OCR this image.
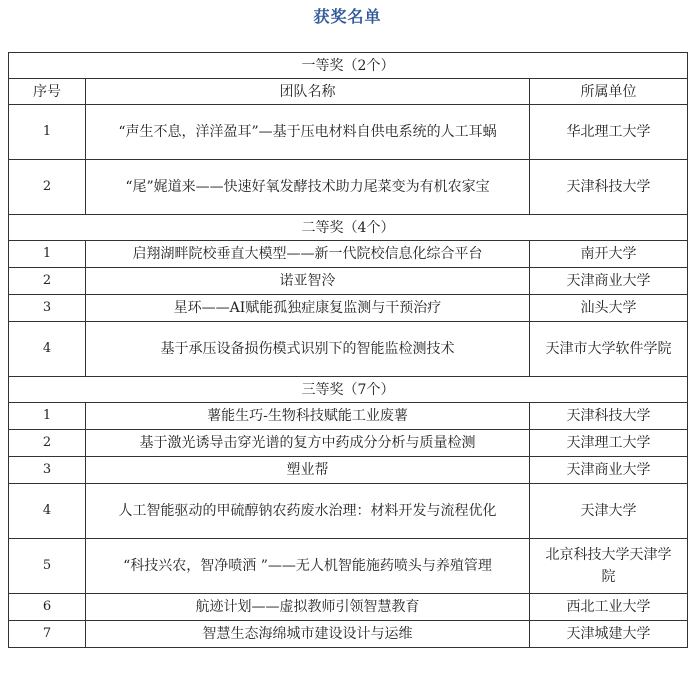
获奖名单
一等奖（2个）		
序号	团队名称	所属单位
1	“声生不息，洋洋盈耳”—基于压电材料自供电系统的人工耳蜗	华北理工大学
2	“尾”娓道来——快速好氧发酵技术助力尾菜变为有机农家宝	天津科技大学
二等奖（4个）		
1	启翔湖畔院校垂直大模型——新一代院校信息化综合平台	南开大学
2	诺亚智泠	天津商业大学
3	星环——AI赋能孤独症康复监测与干预治疗	汕头大学
4	基于承压设备损伤模式识别下的智能监检测技术	天津市大学软件学院
三等奖（7个）		
1	薯能生巧-生物科技赋能工业废薯	天津科技大学
2	基于激光诱导击穿光谱的复方中药成分分析与质量检测	天津理工大学
3	塑业帮	天津商业大学
4	人工智能驱动的甲硫醇钠农药废水治理：材料开发与流程优化	天津大学
5	“科技兴农，智净喷洒 ”——无人机智能施药喷头与养殖管理	北京科技大学天津学院
6	航迹计划——虚拟教师引领智慧教育	西北工业大学
7	智慧生态海绵城市建设设计与运维	天津城建大学
